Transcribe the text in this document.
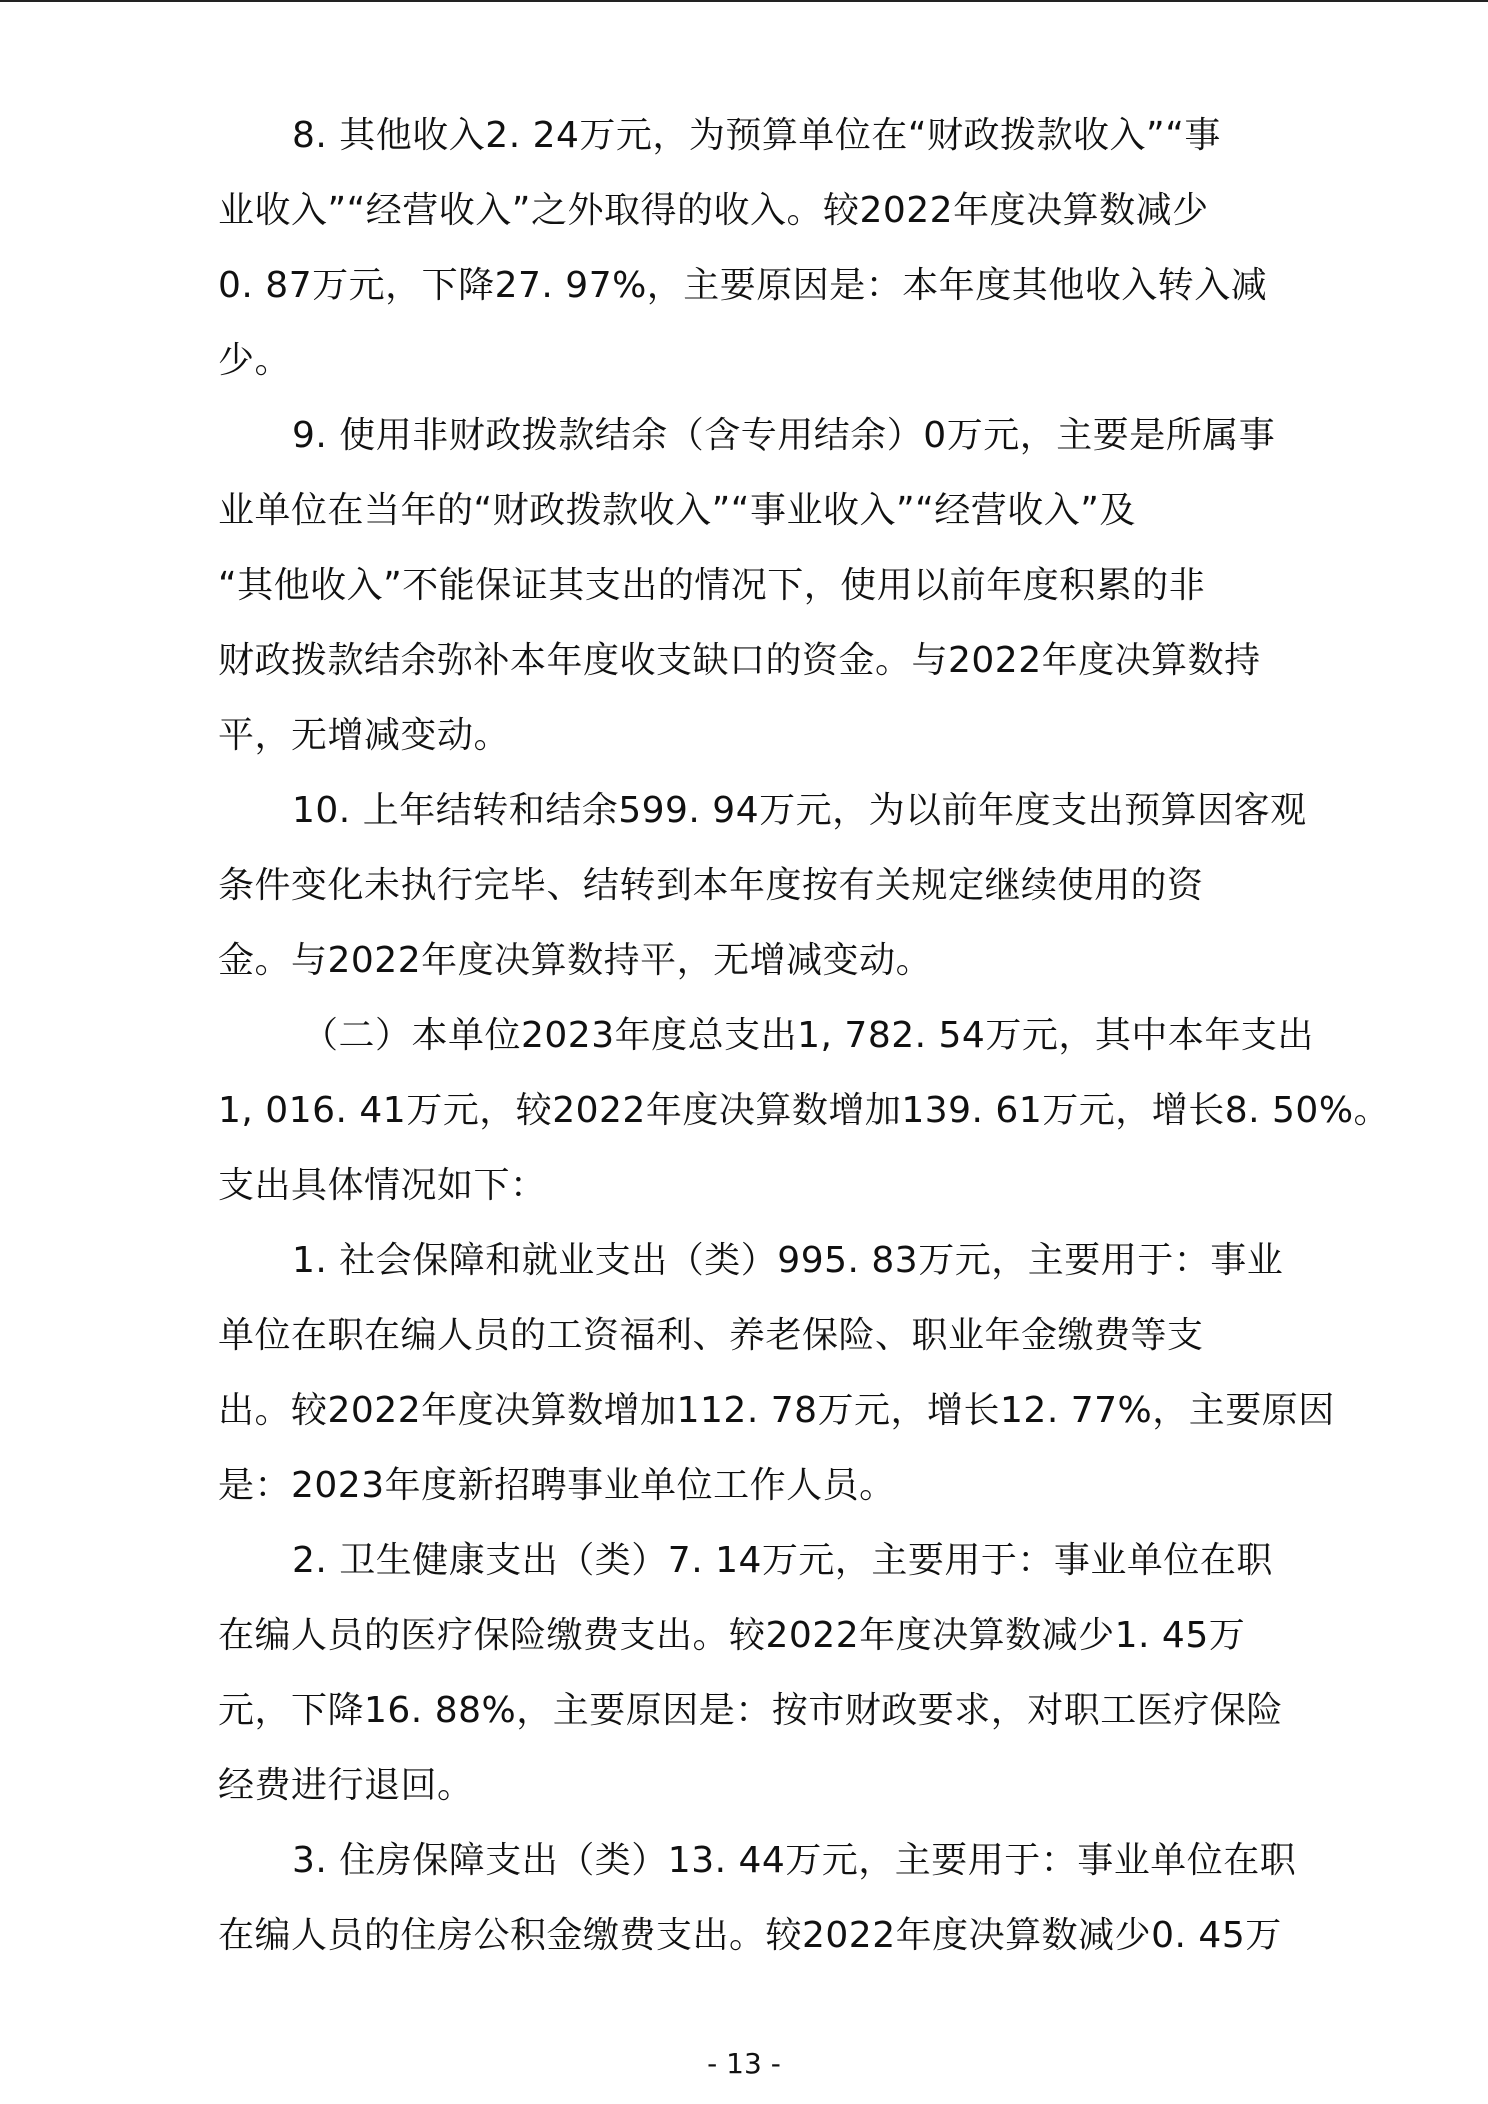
8. 其他收入2. 24万元，为预算单位在“财政拨款收入”“事
业收入”“经营收入”之外取得的收入。较2022年度决算数减少
0. 87万元，下降27. 97%，主要原因是：本年度其他收入转入减
少。
9. 使用非财政拨款结余（含专用结余）0万元，主要是所属事
业单位在当年的“财政拨款收入”“事业收入”“经营收入”及
“其他收入”不能保证其支出的情况下，使用以前年度积累的非
财政拨款结余弥补本年度收支缺口的资金。与2022年度决算数持
平，无增减变动。
10. 上年结转和结余599. 94万元，为以前年度支出预算因客观
条件变化未执行完毕、结转到本年度按有关规定继续使用的资
金。与2022年度决算数持平，无增减变动。
（二）本单位2023年度总支出1, 782. 54万元，其中本年支出
1, 016. 41万元，较2022年度决算数增加139. 61万元，增长8. 50%。
支出具体情况如下：
1. 社会保障和就业支出（类）995. 83万元，主要用于：事业
单位在职在编人员的工资福利、养老保险、职业年金缴费等支
出。较2022年度决算数增加112. 78万元，增长12. 77%，主要原因
是：2023年度新招聘事业单位工作人员。
2. 卫生健康支出（类）7. 14万元，主要用于：事业单位在职
在编人员的医疗保险缴费支出。较2022年度决算数减少1. 45万
元，下降16. 88%，主要原因是：按市财政要求，对职工医疗保险
经费进行退回。
3. 住房保障支出（类）13. 44万元，主要用于：事业单位在职
在编人员的住房公积金缴费支出。较2022年度决算数减少0. 45万
- 13 -
